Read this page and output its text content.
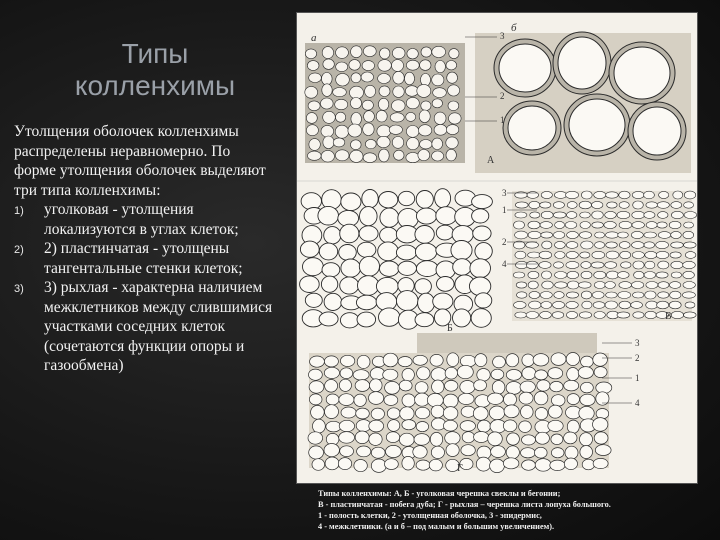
Типы
колленхимы

Утолщения оболочек колленхимы распределены неравномерно. По форме утолщения оболочек выделяют три типа колленхимы:

1) уголковая - утолщения локализуются в углах клеток;
2) 2) пластинчатая - утолщены тангентальные стенки клеток;
3) 3) рыхлая - характерна наличием межклетников между слившимися участками соседних клеток (сочетаются функции опоры и газообмена)
а
б
А
Б
В
Г
3
2
1
3
1
2
4
3
2
1
4
Типы колленхимы: А, Б - уголковая черешка свеклы и бегонии;
В - пластинчатая - побега дуба; Г - рыхлая – черешка листа лопуха большого.
1 - полость клетки, 2 - утолщенная оболочка, 3 - эпидермис,
4 - межклетники. (а и б – под малым и большим увеличением).
